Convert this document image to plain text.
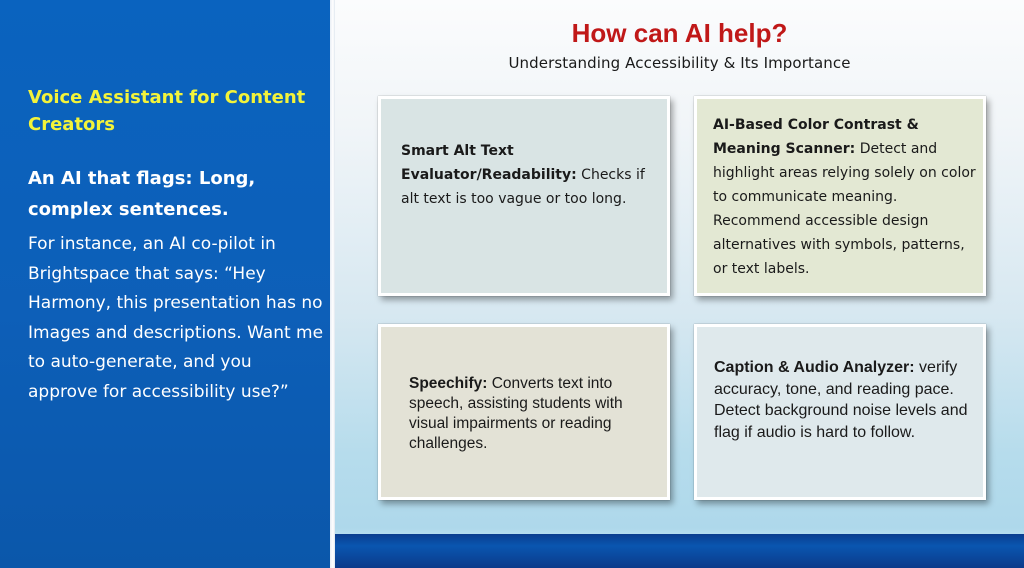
Voice Assistant for Content Creators
An AI that flags: Long, complex sentences.
For instance, an AI co-pilot in Brightspace that says: “Hey Harmony, this presentation has no Images and descriptions. Want me to auto-generate, and you approve for accessibility use?”
How can AI help?
Understanding Accessibility & Its Importance
Smart Alt Text Evaluator/Readability: Checks if alt text is too vague or too long.
AI-Based Color Contrast & Meaning Scanner: Detect and highlight areas relying solely on color to communicate meaning. Recommend accessible design alternatives with symbols, patterns, or text labels.
Speechify: Converts text into speech, assisting students with visual impairments or reading challenges.
Caption & Audio Analyzer: verify accuracy, tone, and reading pace. Detect background noise levels and flag if audio is hard to follow.
